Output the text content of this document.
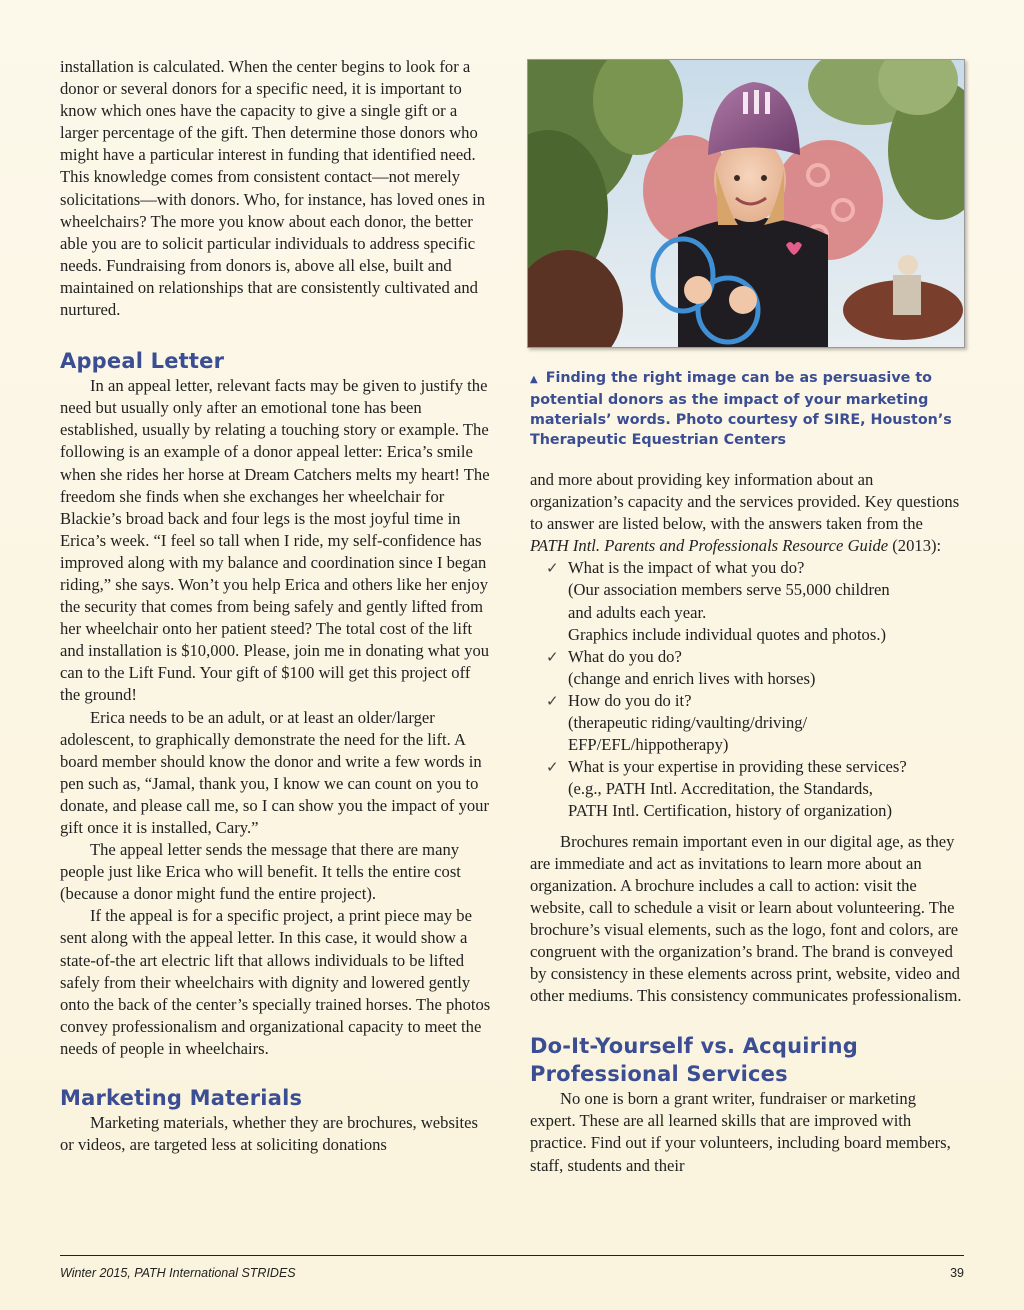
installation is calculated. When the center begins to look for a donor or several donors for a specific need, it is important to know which ones have the capacity to give a single gift or a larger percentage of the gift. Then determine those donors who might have a particular interest in funding that identified need. This knowledge comes from consistent contact—not merely solicitations—with donors. Who, for instance, has loved ones in wheelchairs? The more you know about each donor, the better able you are to solicit particular individuals to address specific needs. Fundraising from donors is, above all else, built and maintained on relationships that are consistently cultivated and nurtured.

Appeal Letter

In an appeal letter, relevant facts may be given to justify the need but usually only after an emotional tone has been established, usually by relating a touching story or example. The following is an example of a donor appeal letter: Erica’s smile when she rides her horse at Dream Catchers melts my heart! The freedom she finds when she exchanges her wheelchair for Blackie’s broad back and four legs is the most joyful time in Erica’s week. “I feel so tall when I ride, my self-confidence has improved along with my balance and coordination since I began riding,” she says. Won’t you help Erica and others like her enjoy the security that comes from being safely and gently lifted from her wheelchair onto her patient steed? The total cost of the lift and installation is $10,000. Please, join me in donating what you can to the Lift Fund. Your gift of $100 will get this project off the ground!

Erica needs to be an adult, or at least an older/larger adolescent, to graphically demonstrate the need for the lift. A board member should know the donor and write a few words in pen such as, “Jamal, thank you, I know we can count on you to donate, and please call me, so I can show you the impact of your gift once it is installed, Cary.”

The appeal letter sends the message that there are many people just like Erica who will benefit. It tells the entire cost (because a donor might fund the entire project).

If the appeal is for a specific project, a print piece may be sent along with the appeal letter. In this case, it would show a state-of-the art electric lift that allows individuals to be lifted safely from their wheelchairs with dignity and lowered gently onto the back of the center’s specially trained horses. The photos convey professionalism and organizational capacity to meet the needs of people in wheelchairs.

Marketing Materials

Marketing materials, whether they are brochures, websites or videos, are targeted less at soliciting donations

▲ Finding the right image can be as persuasive to potential donors as the impact of your marketing materials’ words. Photo courtesy of SIRE, Houston’s Therapeutic Equestrian Centers

and more about providing key information about an organization’s capacity and the services provided. Key questions to answer are listed below, with the answers taken from the PATH Intl. Parents and Professionals Resource Guide (2013):

✓ What is the impact of what you do?
(Our association members serve 55,000 children
and adults each year.
Graphics include individual quotes and photos.)
✓ What do you do?
(change and enrich lives with horses)
✓ How do you do it?
(therapeutic riding/vaulting/driving/
EFP/EFL/hippotherapy)
✓ What is your expertise in providing these services?
(e.g., PATH Intl. Accreditation, the Standards,
PATH Intl. Certification, history of organization)

Brochures remain important even in our digital age, as they are immediate and act as invitations to learn more about an organization. A brochure includes a call to action: visit the website, call to schedule a visit or learn about volunteering. The brochure’s visual elements, such as the logo, font and colors, are congruent with the organization’s brand. The brand is conveyed by consistency in these elements across print, website, video and other mediums. This consistency communicates professionalism.

Do-It-Yourself vs. Acquiring
Professional Services

No one is born a grant writer, fundraiser or marketing expert. These are all learned skills that are improved with practice. Find out if your volunteers, including board members, staff, students and their

Winter 2015, PATH International STRIDES	39
